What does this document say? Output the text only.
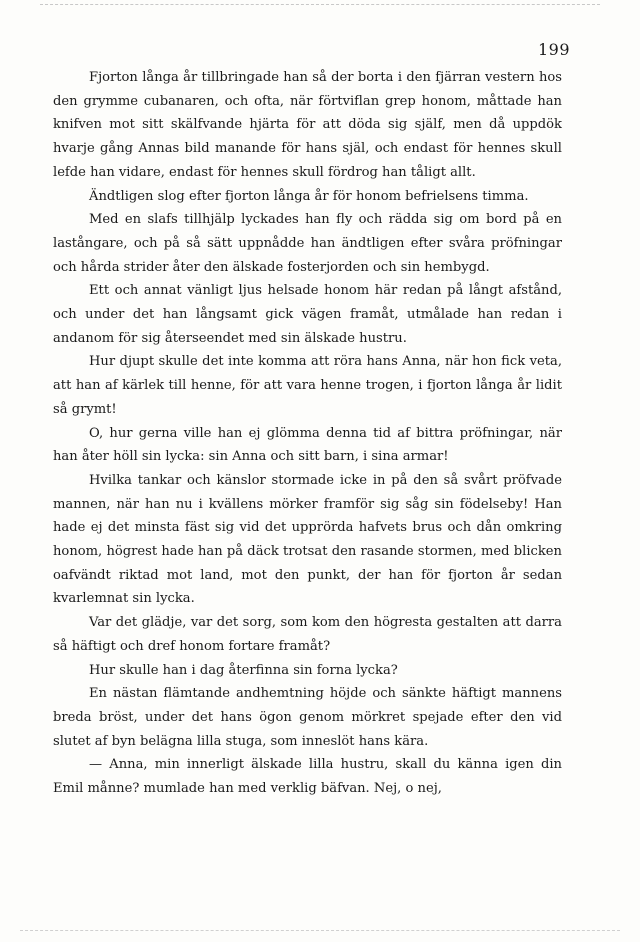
199

Fjorton långa år tillbringade han så der borta i den fjärran vestern hos den grymme cubanaren, och ofta, när förtviflan grep honom, måttade han knifven mot sitt skälfvande hjärta för att döda sig själf, men då uppdök hvarje gång Annas bild manande för hans själ, och endast för hennes skull lefde han vidare, endast för hennes skull fördrog han tåligt allt.

Ändtligen slog efter fjorton långa år för honom befrielsens timma.

Med en slafs tillhjälp lyckades han fly och rädda sig om bord på en lastångare, och på så sätt uppnådde han ändtligen efter svåra pröfningar och hårda strider åter den älskade fosterjorden och sin hembygd.

Ett och annat vänligt ljus helsade honom här redan på långt afstånd, och under det han långsamt gick vägen framåt, utmålade han redan i andanom för sig återseendet med sin älskade hustru.

Hur djupt skulle det inte komma att röra hans Anna, när hon fick veta, att han af kärlek till henne, för att vara henne trogen, i fjorton långa år lidit så grymt!

O, hur gerna ville han ej glömma denna tid af bittra pröfningar, när han åter höll sin lycka: sin Anna och sitt barn, i sina armar!

Hvilka tankar och känslor stormade icke in på den så svårt pröfvade mannen, när han nu i kvällens mörker framför sig såg sin födelseby! Han hade ej det minsta fäst sig vid det upprörda hafvets brus och dån omkring honom, högrest hade han på däck trotsat den rasande stormen, med blicken oafvändt riktad mot land, mot den punkt, der han för fjorton år sedan kvarlemnat sin lycka.

Var det glädje, var det sorg, som kom den högresta gestalten att darra så häftigt och dref honom fortare framåt?

Hur skulle han i dag återfinna sin forna lycka?

En nästan flämtande andhemtning höjde och sänkte häftigt mannens breda bröst, under det hans ögon genom mörkret spejade efter den vid slutet af byn belägna lilla stuga, som inneslöt hans kära.

— Anna, min innerligt älskade lilla hustru, skall du känna igen din Emil månne? mumlade han med verklig bäfvan. Nej, o nej,
